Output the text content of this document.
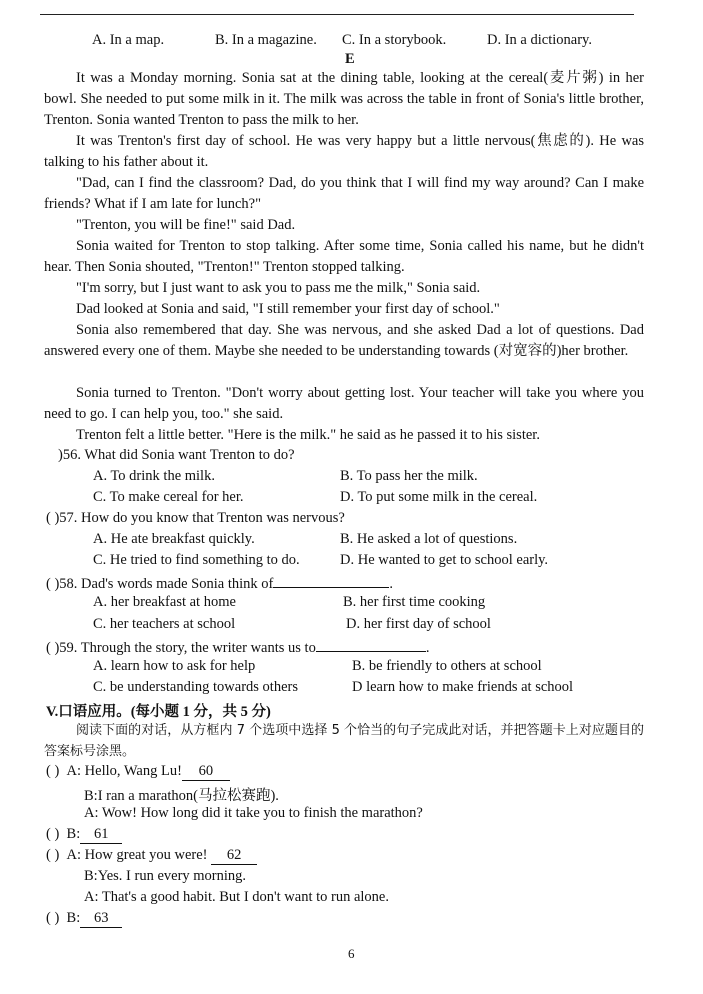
A. In a map.	B. In a magazine. C. In a storybook.	D. In a dictionary.
E
It was a Monday morning. Sonia sat at the dining table, looking at the cereal(麦片粥) in her bowl. She needed to put some milk in it. The milk was across the table in front of Sonia's little brother, Trenton. Sonia wanted Trenton to pass the milk to her.
It was Trenton's first day of school. He was very happy but a little nervous(焦虑的). He was talking to his father about it.
"Dad, can I find the classroom? Dad, do you think that I will find my way around? Can I make friends? What if I am late for lunch?"
"Trenton, you will be fine!" said Dad.
Sonia waited for Trenton to stop talking. After some time, Sonia called his name, but he didn't hear. Then Sonia shouted, "Trenton!" Trenton stopped talking.
"I'm sorry, but I just want to ask you to pass me the milk," Sonia said.
Dad looked at Sonia and said, "I still remember your first day of school."
Sonia also remembered that day. She was nervous, and she asked Dad a lot of questions. Dad answered every one of them. Maybe she needed to be understanding towards (对宽容的)her brother.
Sonia turned to Trenton. "Don't worry about getting lost. Your teacher will take you where you need to go. I can help you, too." she said.
Trenton felt a little better. "Here is the milk." he said as he passed it to his sister.
)56. What did Sonia want Trenton to do?
A. To drink the milk.	B. To pass her the milk.
C. To make cereal for her.	D. To put some milk in the cereal.
( )57. How do you know that Trenton was nervous?
A. He ate breakfast quickly.	B. He asked a lot of questions.
C. He tried to find something to do.	D. He wanted to get to school early.
( )58. Dad's words made Sonia think of	.
A. her breakfast at home	B. her first time cooking
C. her teachers at school	D. her first day of school
( )59. Through the story, the writer wants us to	.
A. learn how to ask for help	B. be friendly to others at school
C. be understanding towards others	D learn how to make friends at school
V.口语应用。(每小题 1 分，共 5 分)
阅读下面的对话，从方框内 7 个选项中选择 5 个恰当的句子完成此对话，并把答题卡上对应题目的答案标号涂黑。
( ) A: Hello, Wang Lu! 60
B:I ran a marathon(马拉松赛跑).
A: Wow! How long did it take you to finish the marathon?
( ) B: 61
( ) A: How great you were! 62
B:Yes. I run every morning.
A: That's a good habit. But I don't want to run alone.
( ) B: 63
6
